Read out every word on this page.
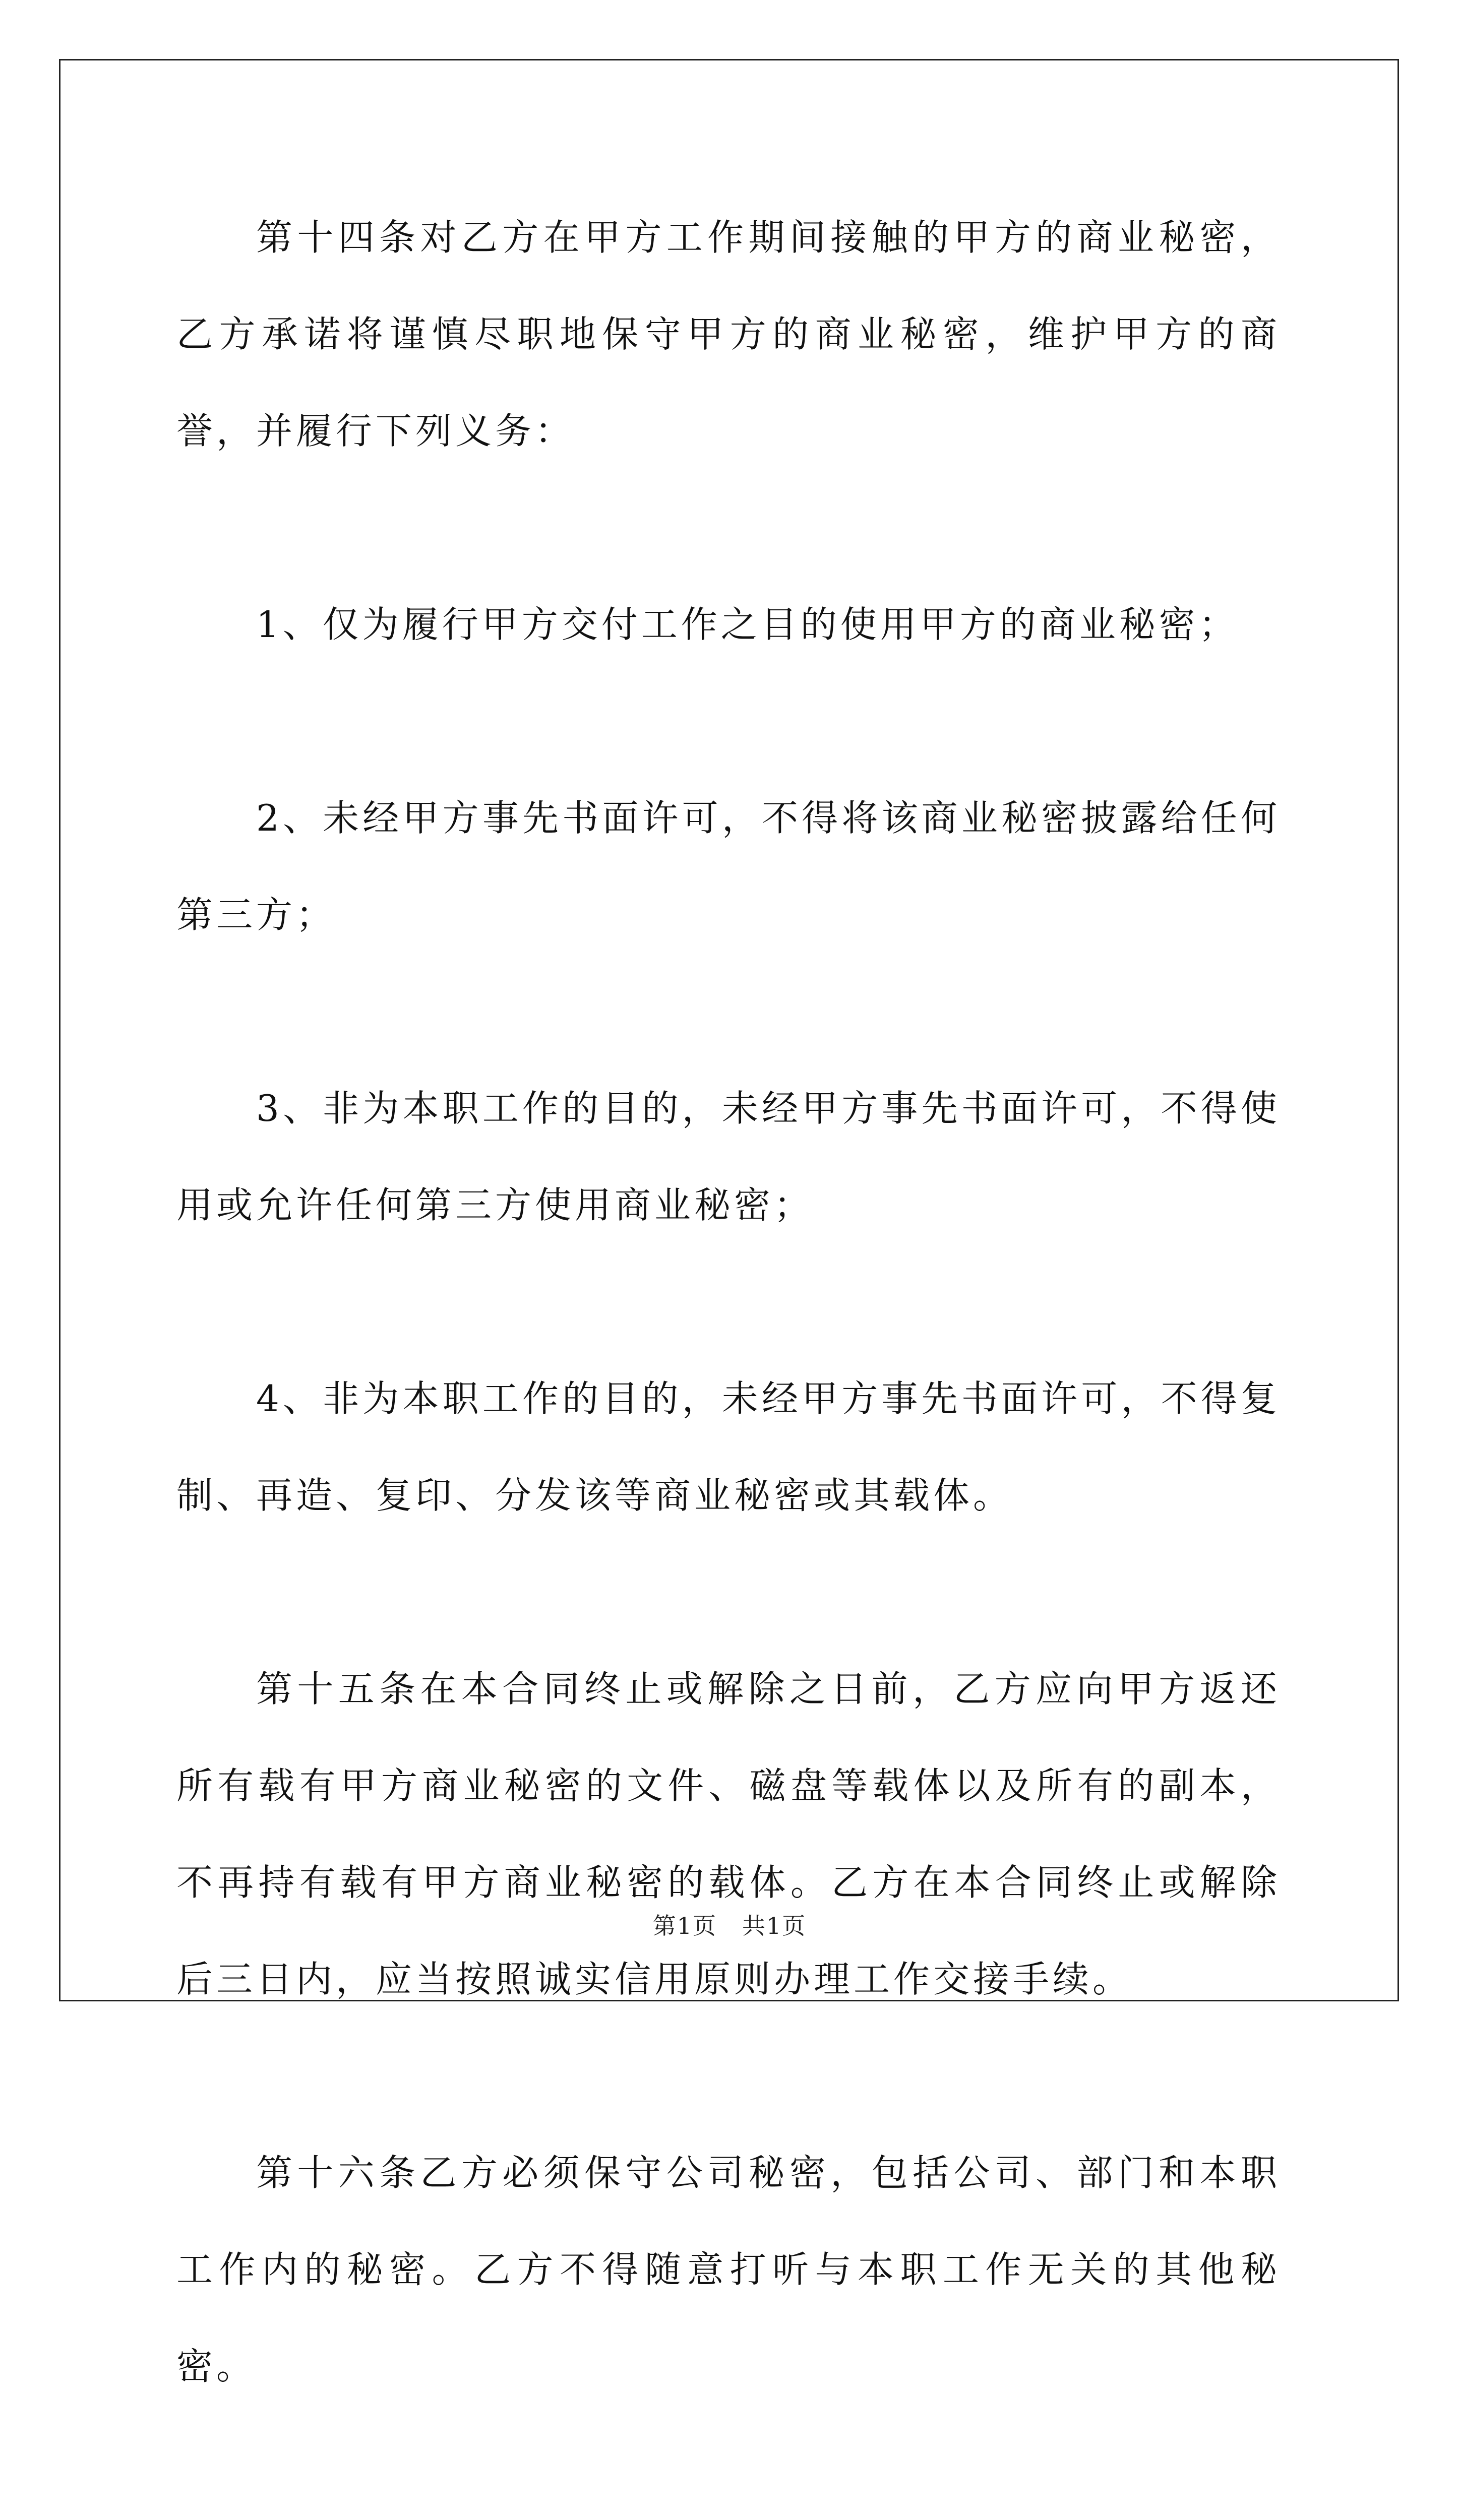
第十四条对乙方在甲方工作期间接触的甲方的商业秘密，乙方承诺将谨慎尽职地保守甲方的商业秘密，维护甲方的商誉，并履行下列义务：

1、仅为履行甲方交付工作之目的使用甲方的商业秘密；

2、未经甲方事先书面许可，不得将该商业秘密披露给任何第三方；

3、非为本职工作的目的，未经甲方事先书面许可，不得使用或允许任何第三方使用商业秘密；

4、非为本职工作的目的，未经甲方事先书面许可，不得复制、再造、复印、分发该等商业秘密或其载体。

第十五条在本合同终止或解除之日前，乙方应向甲方返还所有载有甲方商业秘密的文件、磁盘等载体以及所有的副本，不再持有载有甲方商业秘密的载体。乙方在本合同终止或解除后三日内，应当按照诚实信用原则办理工作交接手续。

第十六条乙方必须保守公司秘密，包括公司、部门和本职工作内的秘密。乙方不得随意打听与本职工作无关的其他秘密。

第1页 共1页
